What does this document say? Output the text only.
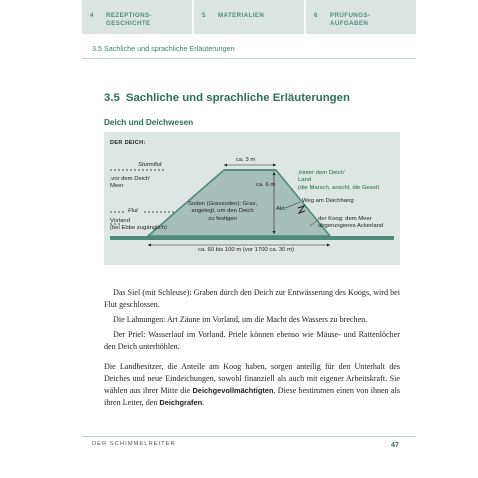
4	REZEPTIONS-
GESCHICHTE
5	MATERIALIEN	6	PRÜFUNGS-
AUFGABEN
3.5 Sachliche und sprachliche Erläuterungen
3.5 Sachliche und sprachliche Erläuterungen
Deich und Deichwesen
DER DEICH:
Sturmflut
‚vor dem Deich'
Meer
Flut
Vorland
(bei Ebbe zugänglich)
ca. 3 m
ca. 6 m
Soden (Grassoden): Gras,
angelegt, um den Deich
zu festigen
Akt:
Weg am Deichhang
‚hinter dem Deich'
Land
(die Marsch, anschl. die Geest)
der Koog: dem Meer
abgerungenes Ackerland
ca. 60 bis 100 m (vor 1700 ca. 30 m)

Das Siel (mit Schleuse): Graben durch den Deich zur Entwässerung des Koogs, wird bei Flut geschlossen.

Die Lahnungen: Art Zäune im Vorland, um die Macht des Wassers zu brechen.

Der Priel: Wasserlauf im Vorland. Priele können ebenso wie Mäuse- und Rattenlöcher den Deich unterhöhlen.

Die Landbesitzer, die Anteile am Koog haben, sorgen anteilig für den Unterhalt des Deiches und neue Eindeichungen, sowohl finanziell als auch mit eigener Arbeitskraft. Sie wählen aus ihrer Mitte die Deichgevollmächtigten. Diese bestimmen einen von ihnen als ihren Leiter, den Deichgrafen.

DER SCHIMMELREITER	47
